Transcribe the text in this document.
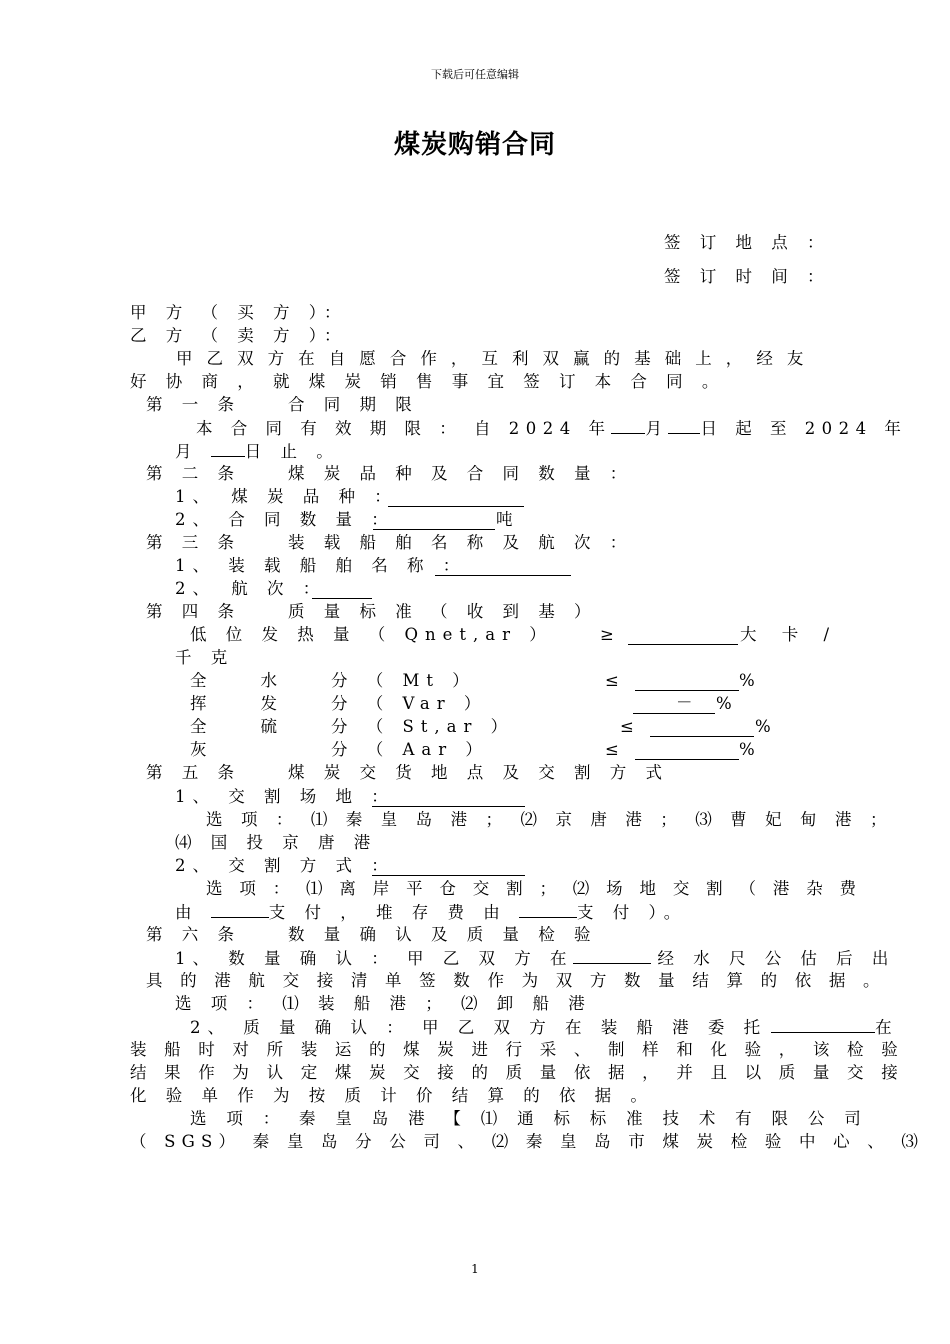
下载后可任意编辑
煤炭购销合同
签 订 地 点 ：
签 订 时 间 ：
甲 方 （ 买 方 ）：
乙 方 （ 卖 方 ）：
甲 乙 双 方 在 自 愿 合 作 ， 互 利 双 赢 的 基 础 上 ， 经 友
好 协 商 ， 就 煤 炭 销 售 事 宜 签 订 本 合 同 。
第 一 条　　合 同 期 限
本 合 同 有 效 期 限 ： 自 2024 年 月 日 起 至 2024 年
月	日 止 。
第 二 条　　煤 炭 品 种 及 合 同 数 量 ：
1、　煤 炭 品 种 ：
2、 合 同 数 量 ：	吨
第 三 条　　装 载 船 舶 名 称 及 航 次 ：
1、 装 载 船 舶 名 称 ：
2、　航 次 ：
第 四 条　　质 量 标 准 （ 收 到 基 ）
低 位 发 热 量 （ Qnet,ar ）	≥	大 卡 /
千 克
全　　水　　分 （ Mt ）	≤	%
挥　　发　　分 （ Var ）	－ %
全　　硫　　分 （ St,ar ）	≤	%
灰　　　　　分 （ Aar ）	≤	%
第 五 条　　煤 炭 交 货 地 点 及 交 割 方 式
1、 交 割 场 地 ：
选 项 ： ⑴ 秦 皇 岛 港 ； ⑵ 京 唐 港 ； ⑶ 曹 妃 甸 港 ；
⑷ 国 投 京 唐 港
2、 交 割 方 式 ：
选 项 ： ⑴ 离 岸 平 仓 交 割 ； ⑵ 场 地 交 割 （ 港 杂 费
由	支 付 ， 堆 存 费 由	支 付 ）。
第 六 条　　数 量 确 认 及 质 量 检 验
1、 数 量 确 认 ： 甲 乙 双 方 在	经 水 尺 公 估 后 出
具 的 港 航 交 接 清 单 签 数 作 为 双 方 数 量 结 算 的 依 据 。
选 项 ： ⑴ 装 船 港 ； ⑵ 卸 船 港
2、 质 量 确 认 ： 甲 乙 双 方 在 装 船 港 委 托	在
装 船 时 对 所 装 运 的 煤 炭 进 行 采 、 制 样 和 化 验 ， 该 检 验
结 果 作 为 认 定 煤 炭 交 接 的 质 量 依 据 ， 并 且 以 质 量 交 接
化 验 单 作 为 按 质 计 价 结 算 的 依 据 。
选 项 ： 秦 皇 岛 港 【 ⑴ 通 标 标 准 技 术 有 限 公 司
（ SGS） 秦 皇 岛 分 公 司 、 ⑵ 秦 皇 岛 市 煤 炭 检 验 中 心 、 ⑶
1
